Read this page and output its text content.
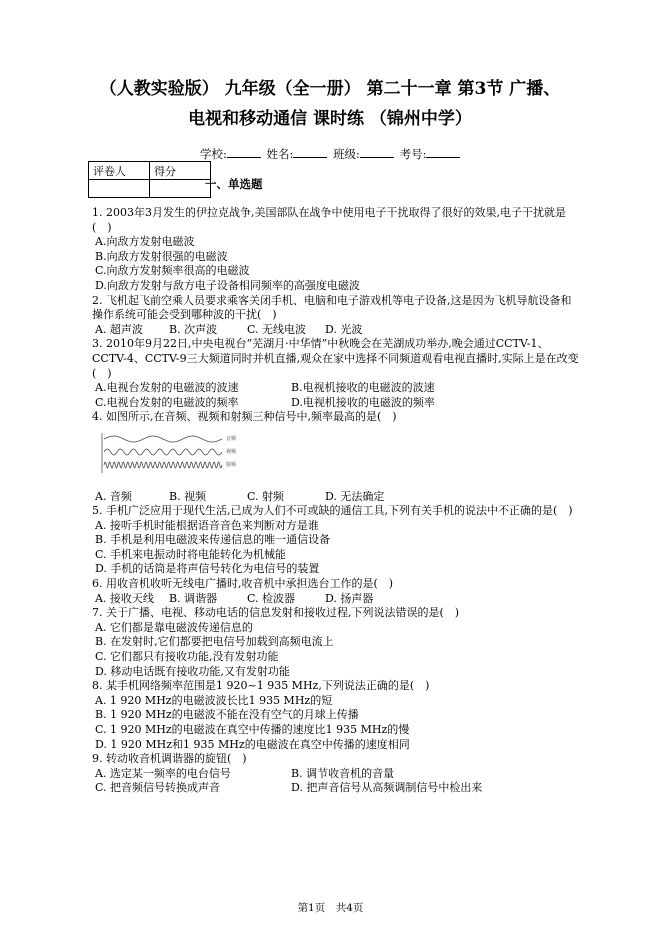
（人教实验版） 九年级（全一册） 第二十一章 第3节 广播、
电视和移动通信 课时练 （锦州中学）
学校:	姓名:	班级:	考号:
评卷人	得分

一、单选题

1. 2003年3月发生的伊拉克战争,美国部队在战争中使用电子干扰取得了很好的效果,电子干扰就是(　)

A.向敌方发射电磁波

B.向敌方发射很强的电磁波

C.向敌方发射频率很高的电磁波

D.向敌方发射与敌方电子设备相同频率的高强度电磁波

2. 飞机起飞前空乘人员要求乘客关闭手机、电脑和电子游戏机等电子设备,这是因为飞机导航设备和操作系统可能会受到哪种波的干扰(　)

A. 超声波	B. 次声波	C. 无线电波	D. 光波

3. 2010年9月22日,中央电视台“芜湖月·中华情”中秋晚会在芜湖成功举办,晚会通过CCTV-1、CCTV-4、CCTV-9三大频道同时并机直播,观众在家中选择不同频道观看电视直播时,实际上是在改变(　)

A.电视台发射的电磁波的波速	B.电视机接收的电磁波的波速
C.电视台发射的电磁波的频率	D.电视机接收的电磁波的频率

4. 如图所示,在音频、视频和射频三种信号中,频率最高的是(　)

音频
视频
射频
A. 音频	B. 视频	C. 射频	D. 无法确定

5. 手机广泛应用于现代生活,已成为人们不可或缺的通信工具,下列有关手机的说法中不正确的是(　)

A. 接听手机时能根据语音音色来判断对方是谁

B. 手机是利用电磁波来传递信息的唯一通信设备

C. 手机来电振动时将电能转化为机械能

D. 手机的话筒是将声信号转化为电信号的装置

6. 用收音机收听无线电广播时,收音机中承担选台工作的是(　)

A. 接收天线	B. 调谐器	C. 检波器	D. 扬声器

7. 关于广播、电视、移动电话的信息发射和接收过程,下列说法错误的是(　)

A. 它们都是靠电磁波传递信息的

B. 在发射时,它们都要把电信号加载到高频电流上

C. 它们都只有接收功能,没有发射功能

D. 移动电话既有接收功能,又有发射功能

8. 某手机网络频率范围是1 920~1 935 MHz,下列说法正确的是(　)

A. 1 920 MHz的电磁波波长比1 935 MHz的短

B. 1 920 MHz的电磁波不能在没有空气的月球上传播

C. 1 920 MHz的电磁波在真空中传播的速度比1 935 MHz的慢

D. 1 920 MHz和1 935 MHz的电磁波在真空中传播的速度相同

9. 转动收音机调谐器的旋钮(　)

A. 选定某一频率的电台信号	B. 调节收音机的音量
C. 把音频信号转换成声音	D. 把声音信号从高频调制信号中检出来
第1页　共4页
